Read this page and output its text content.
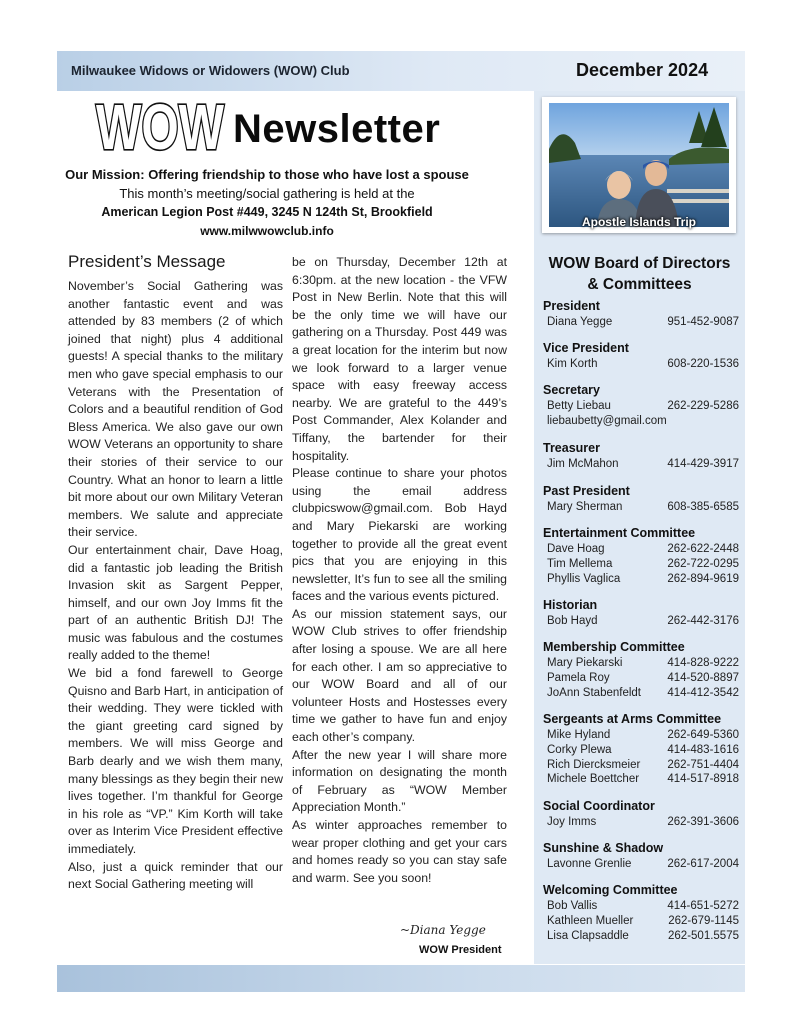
Milwaukee Widows or Widowers (WOW) Club	December 2024
WOW Newsletter
Our Mission: Offering friendship to those who have lost a spouse
This month’s meeting/social gathering is held at the
American Legion Post #449, 3245 N 124th St, Brookfield
www.milwwowclub.info
Apostle Islands Trip
President’s Message

November’s Social Gathering was another fantastic event and was attended by 83 members (2 of which joined that night) plus 4 additional guests! A special thanks to the military men who gave special emphasis to our Veterans with the Presentation of Colors and a beautiful rendition of God Bless America. We also gave our own WOW Veterans an opportunity to share their stories of their service to our Country. What an honor to learn a little bit more about our own Military Veteran members. We salute and appreciate their service.

Our entertainment chair, Dave Hoag, did a fantastic job leading the British Invasion skit as Sargent Pepper, himself, and our own Joy Imms fit the part of an authentic British DJ! The music was fabulous and the costumes really added to the theme!

We bid a fond farewell to George Quisno and Barb Hart, in anticipation of their wedding. They were tickled with the giant greeting card signed by members. We will miss George and Barb dearly and we wish them many, many blessings as they begin their new lives together. I’m thankful for George in his role as “VP.” Kim Korth will take over as Interim Vice President effective immediately.

Also, just a quick reminder that our next Social Gathering meeting will

be on Thursday, December 12th at 6:30pm. at the new location - the VFW Post in New Berlin. Note that this will be the only time we will have our gathering on a Thursday. Post 449 was a great location for the interim but now we look forward to a larger venue space with easy freeway access nearby. We are grateful to the 449’s Post Commander, Alex Kolander and Tiffany, the bartender for their hospitality.

Please continue to share your photos using the email address clubpicswow@gmail.com. Bob Hayd and Mary Piekarski are working together to provide all the great event pics that you are enjoying in this newsletter, It’s fun to see all the smiling faces and the various events pictured.

As our mission statement says, our WOW Club strives to offer friendship after losing a spouse. We are all here for each other. I am so appreciative to our WOW Board and all of our volunteer Hosts and Hostesses every time we gather to have fun and enjoy each other’s company.

After the new year I will share more information on designating the month of February as “WOW Member Appreciation Month.”

As winter approaches remember to wear proper clothing and get your cars and homes ready so you can stay safe and warm. See you soon!

~Diana Yegge
WOW President
WOW Board of Directors
& Committees
President
Diana Yegge	951-452-9087
Vice President
Kim Korth	608-220-1536
Secretary
Betty Liebau	262-229-5286
liebaubetty@gmail.com
Treasurer
Jim McMahon	414-429-3917
Past President
Mary Sherman	608-385-6585
Entertainment Committee
Dave Hoag	262-622-2448
Tim Mellema	262-722-0295
Phyllis Vaglica	262-894-9619
Historian
Bob Hayd	262-442-3176
Membership Committee
Mary Piekarski	414-828-9222
Pamela Roy	414-520-8897
JoAnn Stabenfeldt 414-412-3542
Sergeants at Arms Committee
Mike Hyland	262-649-5360
Corky Plewa	414-483-1616
Rich Diercksmeier 262-751-4404
Michele Boettcher 414-517-8918
Social Coordinator
Joy Imms	262-391-3606
Sunshine & Shadow
Lavonne Grenlie	262-617-2004
Welcoming Committee
Bob Vallis	414-651-5272
Kathleen Mueller	262-679-1145
Lisa Clapsaddle	262-501.5575
